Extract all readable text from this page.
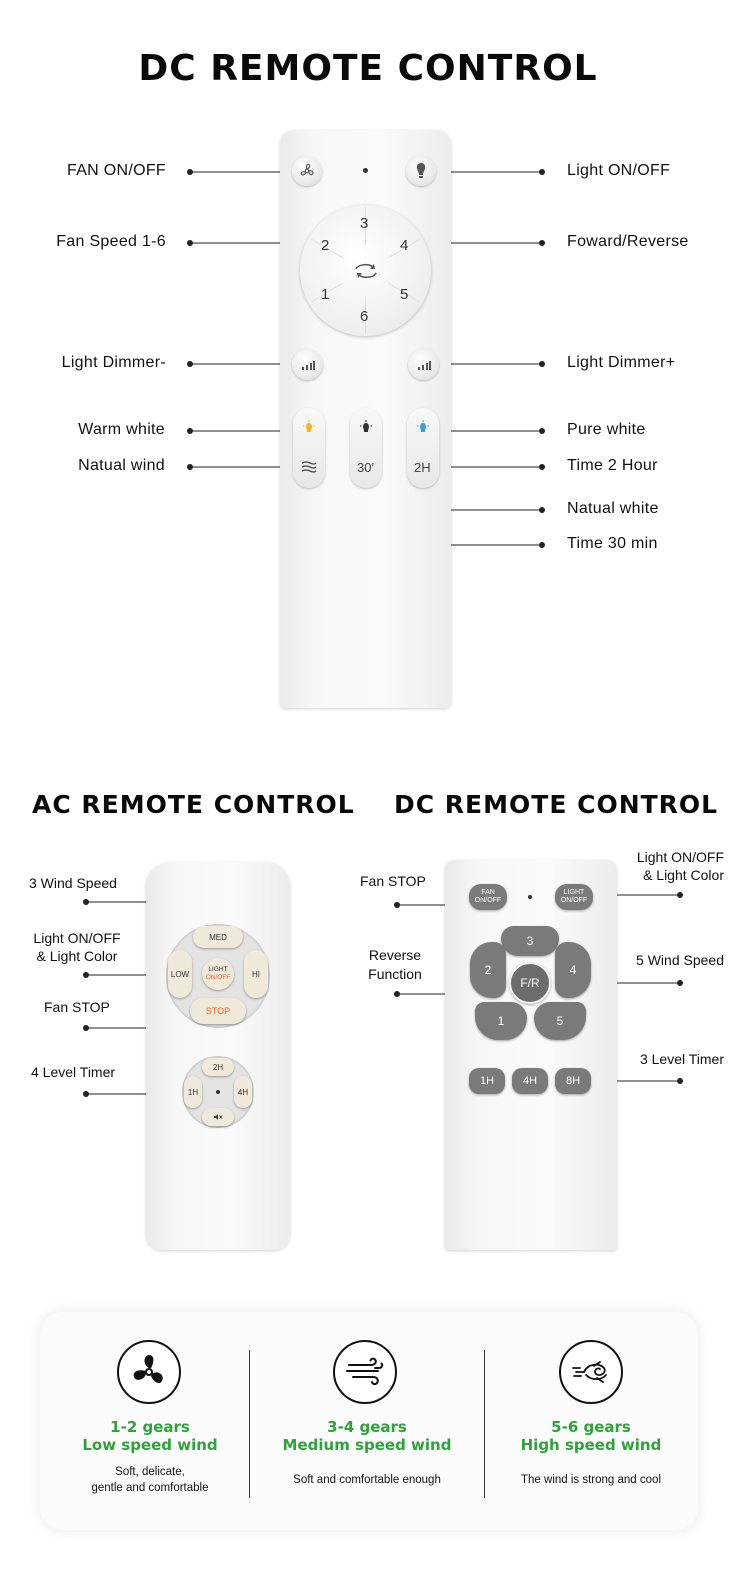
DC REMOTE CONTROL
FAN ON/OFF
Fan Speed 1-6
Light Dimmer-
Warm white
Natual wind
Light ON/OFF
Foward/Reverse
Light Dimmer+
Pure white
Time 2 Hour
Natual white
Time 30 min
3
2	4
1	5
6
30′	2H
AC REMOTE CONTROL DC REMOTE CONTROL
3 Wind Speed
Light ON/OFF
& Light Color
Fan STOP
4 Level Timer
MED
LOW	HI
STOP
LIGHT
ON/OFF
2H
1H	4H
Fan STOP
Light ON/OFF
& Light Color
Reverse
Function
5 Wind Speed
3 Level Timer
FAN
ON/OFF
LIGHT
ON/OFF
3
2	4
1	5
F/R
1H	4H	8H
1-2 gears
Low speed wind
Soft, delicate,
gentle and comfortable
3-4 gears
Medium speed wind
Soft and comfortable enough
5-6 gears
High speed wind
The wind is strong and cool
